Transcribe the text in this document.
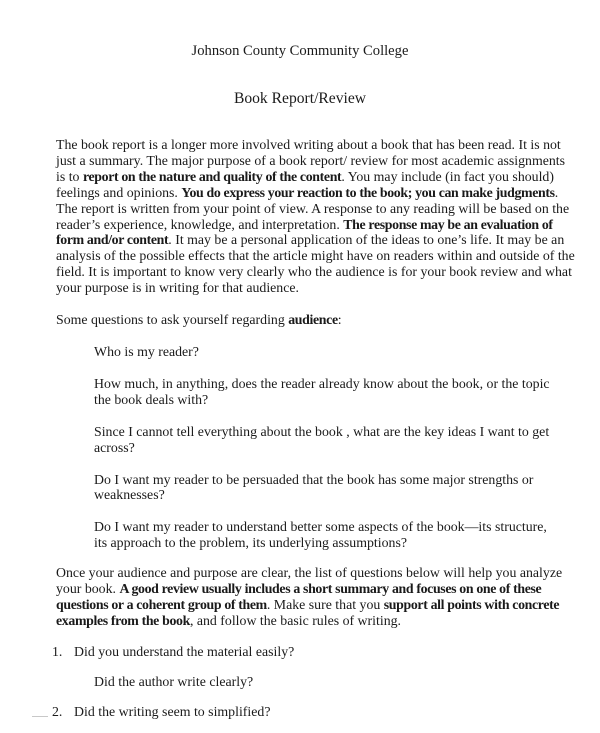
Johnson County Community College
Book Report/Review

The book report is a longer more involved writing about a book that has been read. It is not just a summary. The major purpose of a book report/ review for most academic assignments is to report on the nature and quality of the content. You may include (in fact you should) feelings and opinions. You do express your reaction to the book; you can make judgments. The report is written from your point of view. A response to any reading will be based on the reader’s experience, knowledge, and interpretation. The response may be an evaluation of form and/or content. It may be a personal application of the ideas to one’s life. It may be an analysis of the possible effects that the article might have on readers within and outside of the field. It is important to know very clearly who the audience is for your book review and what your purpose is in writing for that audience.

Some questions to ask yourself regarding audience:

Who is my reader?

How much, in anything, does the reader already know about the book, or the topic the book deals with?

Since I cannot tell everything about the book , what are the key ideas I want to get across?

Do I want my reader to be persuaded that the book has some major strengths or weaknesses?

Do I want my reader to understand better some aspects of the book—its structure, its approach to the problem, its underlying assumptions?

Once your audience and purpose are clear, the list of questions below will help you analyze your book. A good review usually includes a short summary and focuses on one of these questions or a coherent group of them. Make sure that you support all points with concrete examples from the book, and follow the basic rules of writing.

1. Did you understand the material easily?

Did the author write clearly?

2. Did the writing seem to simplified?
